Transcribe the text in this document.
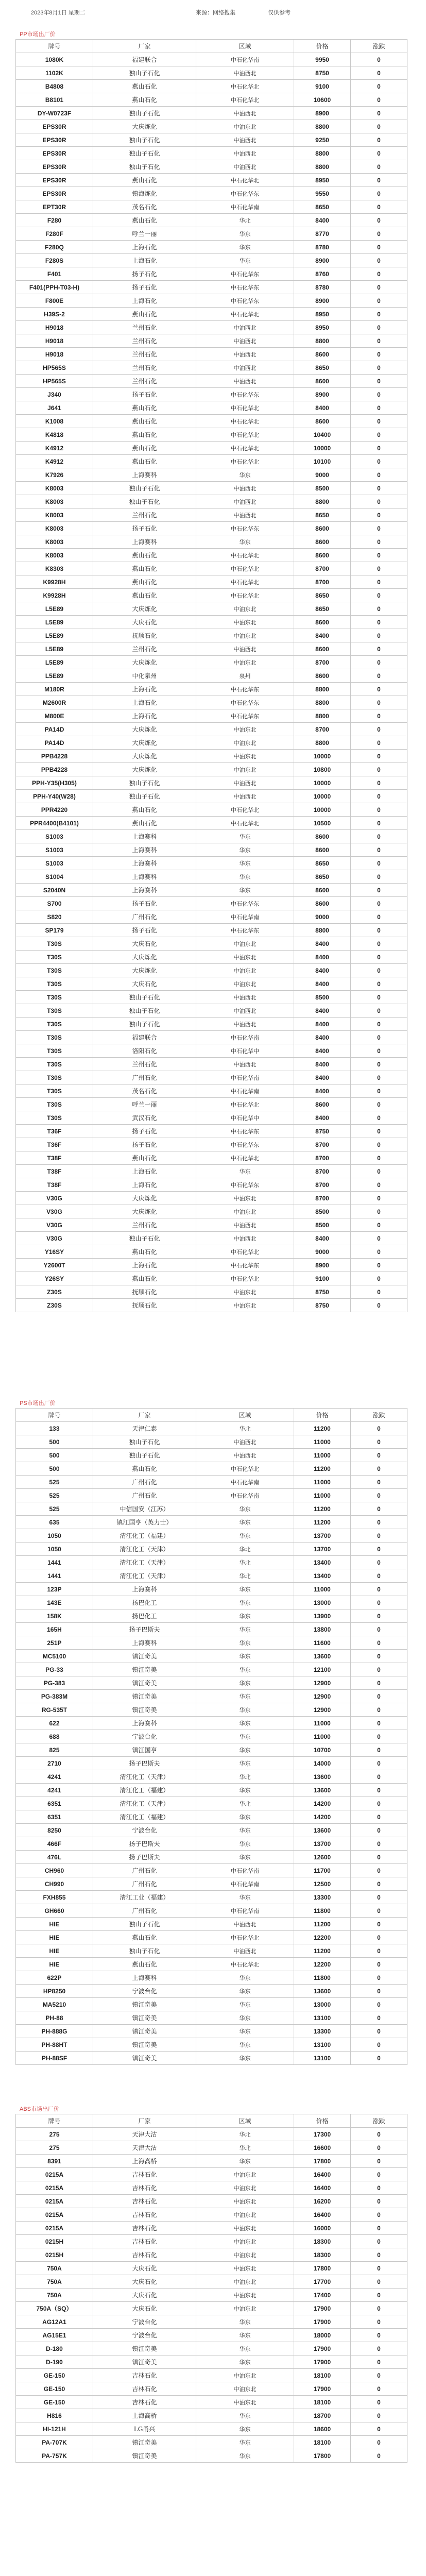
2023年8月1日 星期二	来源：网络搜集	仅供参考
PP市场出厂价
牌号	厂家	区域	价格	涨跌
1080K	福建联合	中石化华南	9950	0
1102K	独山子石化	中油西北	8750	0
B4808	燕山石化	中石化华北	9100	0
B8101	燕山石化	中石化华北	10600	0
DY-W0723F	独山子石化	中油西北	8900	0
EPS30R	大庆炼化	中油东北	8800	0
EPS30R	独山子石化	中油西北	9250	0
EPS30R	独山子石化	中油西北	8800	0
EPS30R	独山子石化	中油西北	8800	0
EPS30R	燕山石化	中石化华北	8950	0
EPS30R	镇海炼化	中石化华东	9550	0
EPT30R	茂名石化	中石化华南	8650	0
F280	燕山石化	华北	8400	0
F280F	呼兰一丽	华东	8770	0
F280Q	上海石化	华东	8780	0
F280S	上海石化	华东	8900	0
F401	扬子石化	中石化华东	8760	0
F401(PPH-T03-H)	扬子石化	中石化华东	8780	0
F800E	上海石化	中石化华东	8900	0
H39S-2	燕山石化	中石化华北	8950	0
H9018	兰州石化	中油西北	8950	0
H9018	兰州石化	中油西北	8800	0
H9018	兰州石化	中油西北	8600	0
HP565S	兰州石化	中油西北	8650	0
HP565S	兰州石化	中油西北	8600	0
J340	扬子石化	中石化华东	8900	0
J641	燕山石化	中石化华北	8400	0
K1008	燕山石化	中石化华北	8600	0
K4818	燕山石化	中石化华北	10400	0
K4912	燕山石化	中石化华北	10000	0
K4912	燕山石化	中石化华北	10100	0
K7926	上海赛科	华东	9000	0
K8003	独山子石化	中油西北	8500	0
K8003	独山子石化	中油西北	8800	0
K8003	兰州石化	中油西北	8650	0
K8003	扬子石化	中石化华东	8600	0
K8003	上海赛科	华东	8600	0
K8003	燕山石化	中石化华北	8600	0
K8303	燕山石化	中石化华北	8700	0
K9928H	燕山石化	中石化华北	8700	0
K9928H	燕山石化	中石化华北	8650	0
L5E89	大庆炼化	中油东北	8650	0
L5E89	大庆石化	中油东北	8600	0
L5E89	抚顺石化	中油东北	8400	0
L5E89	兰州石化	中油西北	8600	0
L5E89	大庆炼化	中油东北	8700	0
L5E89	中化泉州	泉州	8600	0
M180R	上海石化	中石化华东	8800	0
M2600R	上海石化	中石化华东	8800	0
M800E	上海石化	中石化华东	8800	0
PA14D	大庆炼化	中油东北	8700	0
PA14D	大庆炼化	中油东北	8800	0
PPB4228	大庆炼化	中油东北	10000	0
PPB4228	大庆炼化	中油东北	10800	0
PPH-Y35(H305)	独山子石化	中油西北	10000	0
PPH-Y40(W28)	独山子石化	中油西北	10000	0
PPR4220	燕山石化	中石化华北	10000	0
PPR4400(B4101)	燕山石化	中石化华北	10500	0
S1003	上海赛科	华东	8600	0
S1003	上海赛科	华东	8600	0
S1003	上海赛科	华东	8650	0
S1004	上海赛科	华东	8650	0
S2040N	上海赛科	华东	8600	0
S700	扬子石化	中石化华东	8600	0
S820	广州石化	中石化华南	9000	0
SP179	扬子石化	中石化华东	8800	0
T30S	大庆石化	中油东北	8400	0
T30S	大庆炼化	中油东北	8400	0
T30S	大庆炼化	中油东北	8400	0
T30S	大庆石化	中油东北	8400	0
T30S	独山子石化	中油西北	8500	0
T30S	独山子石化	中油西北	8400	0
T30S	独山子石化	中油西北	8400	0
T30S	福建联合	中石化华南	8400	0
T30S	洛阳石化	中石化华中	8400	0
T30S	兰州石化	中油西北	8400	0
T30S	广州石化	中石化华南	8400	0
T30S	茂名石化	中石化华南	8400	0
T30S	呼兰一丽	中石化华北	8600	0
T30S	武汉石化	中石化华中	8400	0
T36F	扬子石化	中石化华东	8750	0
T36F	扬子石化	中石化华东	8700	0
T38F	燕山石化	中石化华北	8700	0
T38F	上海石化	华东	8700	0
T38F	上海石化	中石化华东	8700	0
V30G	大庆炼化	中油东北	8700	0
V30G	大庆炼化	中油东北	8500	0
V30G	兰州石化	中油西北	8500	0
V30G	独山子石化	中油西北	8400	0
Y16SY	燕山石化	中石化华北	9000	0
Y2600T	上海石化	中石化华东	8900	0
Y26SY	燕山石化	中石化华北	9100	0
Z30S	抚顺石化	中油东北	8750	0
Z30S	抚顺石化	中油东北	8750	0
PS市场出厂价
牌号	厂家	区域	价格	涨跌
133	天津仁泰	华北	11200	0
500	独山子石化	中油西北	11000	0
500	独山子石化	中油西北	11000	0
500	燕山石化	中石化华北	11200	0
525	广州石化	中石化华南	11000	0
525	广州石化	中石化华南	11000	0
525	中信国安（江苏）	华东	11200	0
635	镇江国亨（英力士）	华东	11200	0
1050	清江化工（福建）	华东	13700	0
1050	清江化工（天津）	华北	13700	0
1441	清江化工（天津）	华北	13400	0
1441	清江化工（天津）	华北	13400	0
123P	上海赛科	华东	11000	0
143E	扬巴化工	华东	13000	0
158K	扬巴化工	华东	13900	0
165H	扬子巴斯夫	华东	13800	0
251P	上海赛科	华东	11600	0
MC5100	镇江奇美	华东	13600	0
PG-33	镇江奇美	华东	12100	0
PG-383	镇江奇美	华东	12900	0
PG-383M	镇江奇美	华东	12900	0
RG-535T	镇江奇美	华东	12900	0
622	上海赛科	华东	11000	0
688	宁波台化	华东	11000	0
825	镇江国亨	华东	10700	0
2710	扬子巴斯夫	华东	14000	0
4241	清江化工（天津）	华北	13600	0
4241	清江化工（福建）	华东	13600	0
6351	清江化工（天津）	华北	14200	0
6351	清江化工（福建）	华东	14200	0
8250	宁波台化	华东	13600	0
466F	扬子巴斯夫	华东	13700	0
476L	扬子巴斯夫	华东	12600	0
CH960	广州石化	中石化华南	11700	0
CH990	广州石化	中石化华南	12500	0
FXH855	清江工业（福建）	华东	13300	0
GH660	广州石化	中石化华南	11800	0
HIE	独山子石化	中油西北	11200	0
HIE	燕山石化	中石化华北	12200	0
HIE	独山子石化	中油西北	11200	0
HIE	燕山石化	中石化华北	12200	0
622P	上海赛科	华东	11800	0
HP8250	宁波台化	华东	13600	0
MA5210	镇江奇美	华东	13000	0
PH-88	镇江奇美	华东	13100	0
PH-888G	镇江奇美	华东	13300	0
PH-88HT	镇江奇美	华东	13100	0
PH-88SF	镇江奇美	华东	13100	0
ABS市场出厂价
牌号	厂家	区域	价格	涨跌
275	天津大沽	华北	17300	0
275	天津大沽	华北	16600	0
8391	上海高桥	华东	17800	0
0215A	吉林石化	中油东北	16400	0
0215A	吉林石化	中油东北	16400	0
0215A	吉林石化	中油东北	16200	0
0215A	吉林石化	中油东北	16400	0
0215A	吉林石化	中油东北	16000	0
0215H	吉林石化	中油东北	18300	0
0215H	吉林石化	中油东北	18300	0
750A	大庆石化	中油东北	17800	0
750A	大庆石化	中油东北	17700	0
750A	大庆石化	中油东北	17400	0
750A（SQ）	大庆石化	中油东北	17900	0
AG12A1	宁波台化	华东	17900	0
AG15E1	宁波台化	华东	18000	0
D-180	镇江奇美	华东	17900	0
D-190	镇江奇美	华东	17900	0
GE-150	吉林石化	中油东北	18100	0
GE-150	吉林石化	中油东北	17900	0
GE-150	吉林石化	中油东北	18100	0
H816	上海高桥	华东	18700	0
HI-121H	LG甬兴	华东	18600	0
PA-707K	镇江奇美	华东	18100	0
PA-757K	镇江奇美	华东	17800	0
